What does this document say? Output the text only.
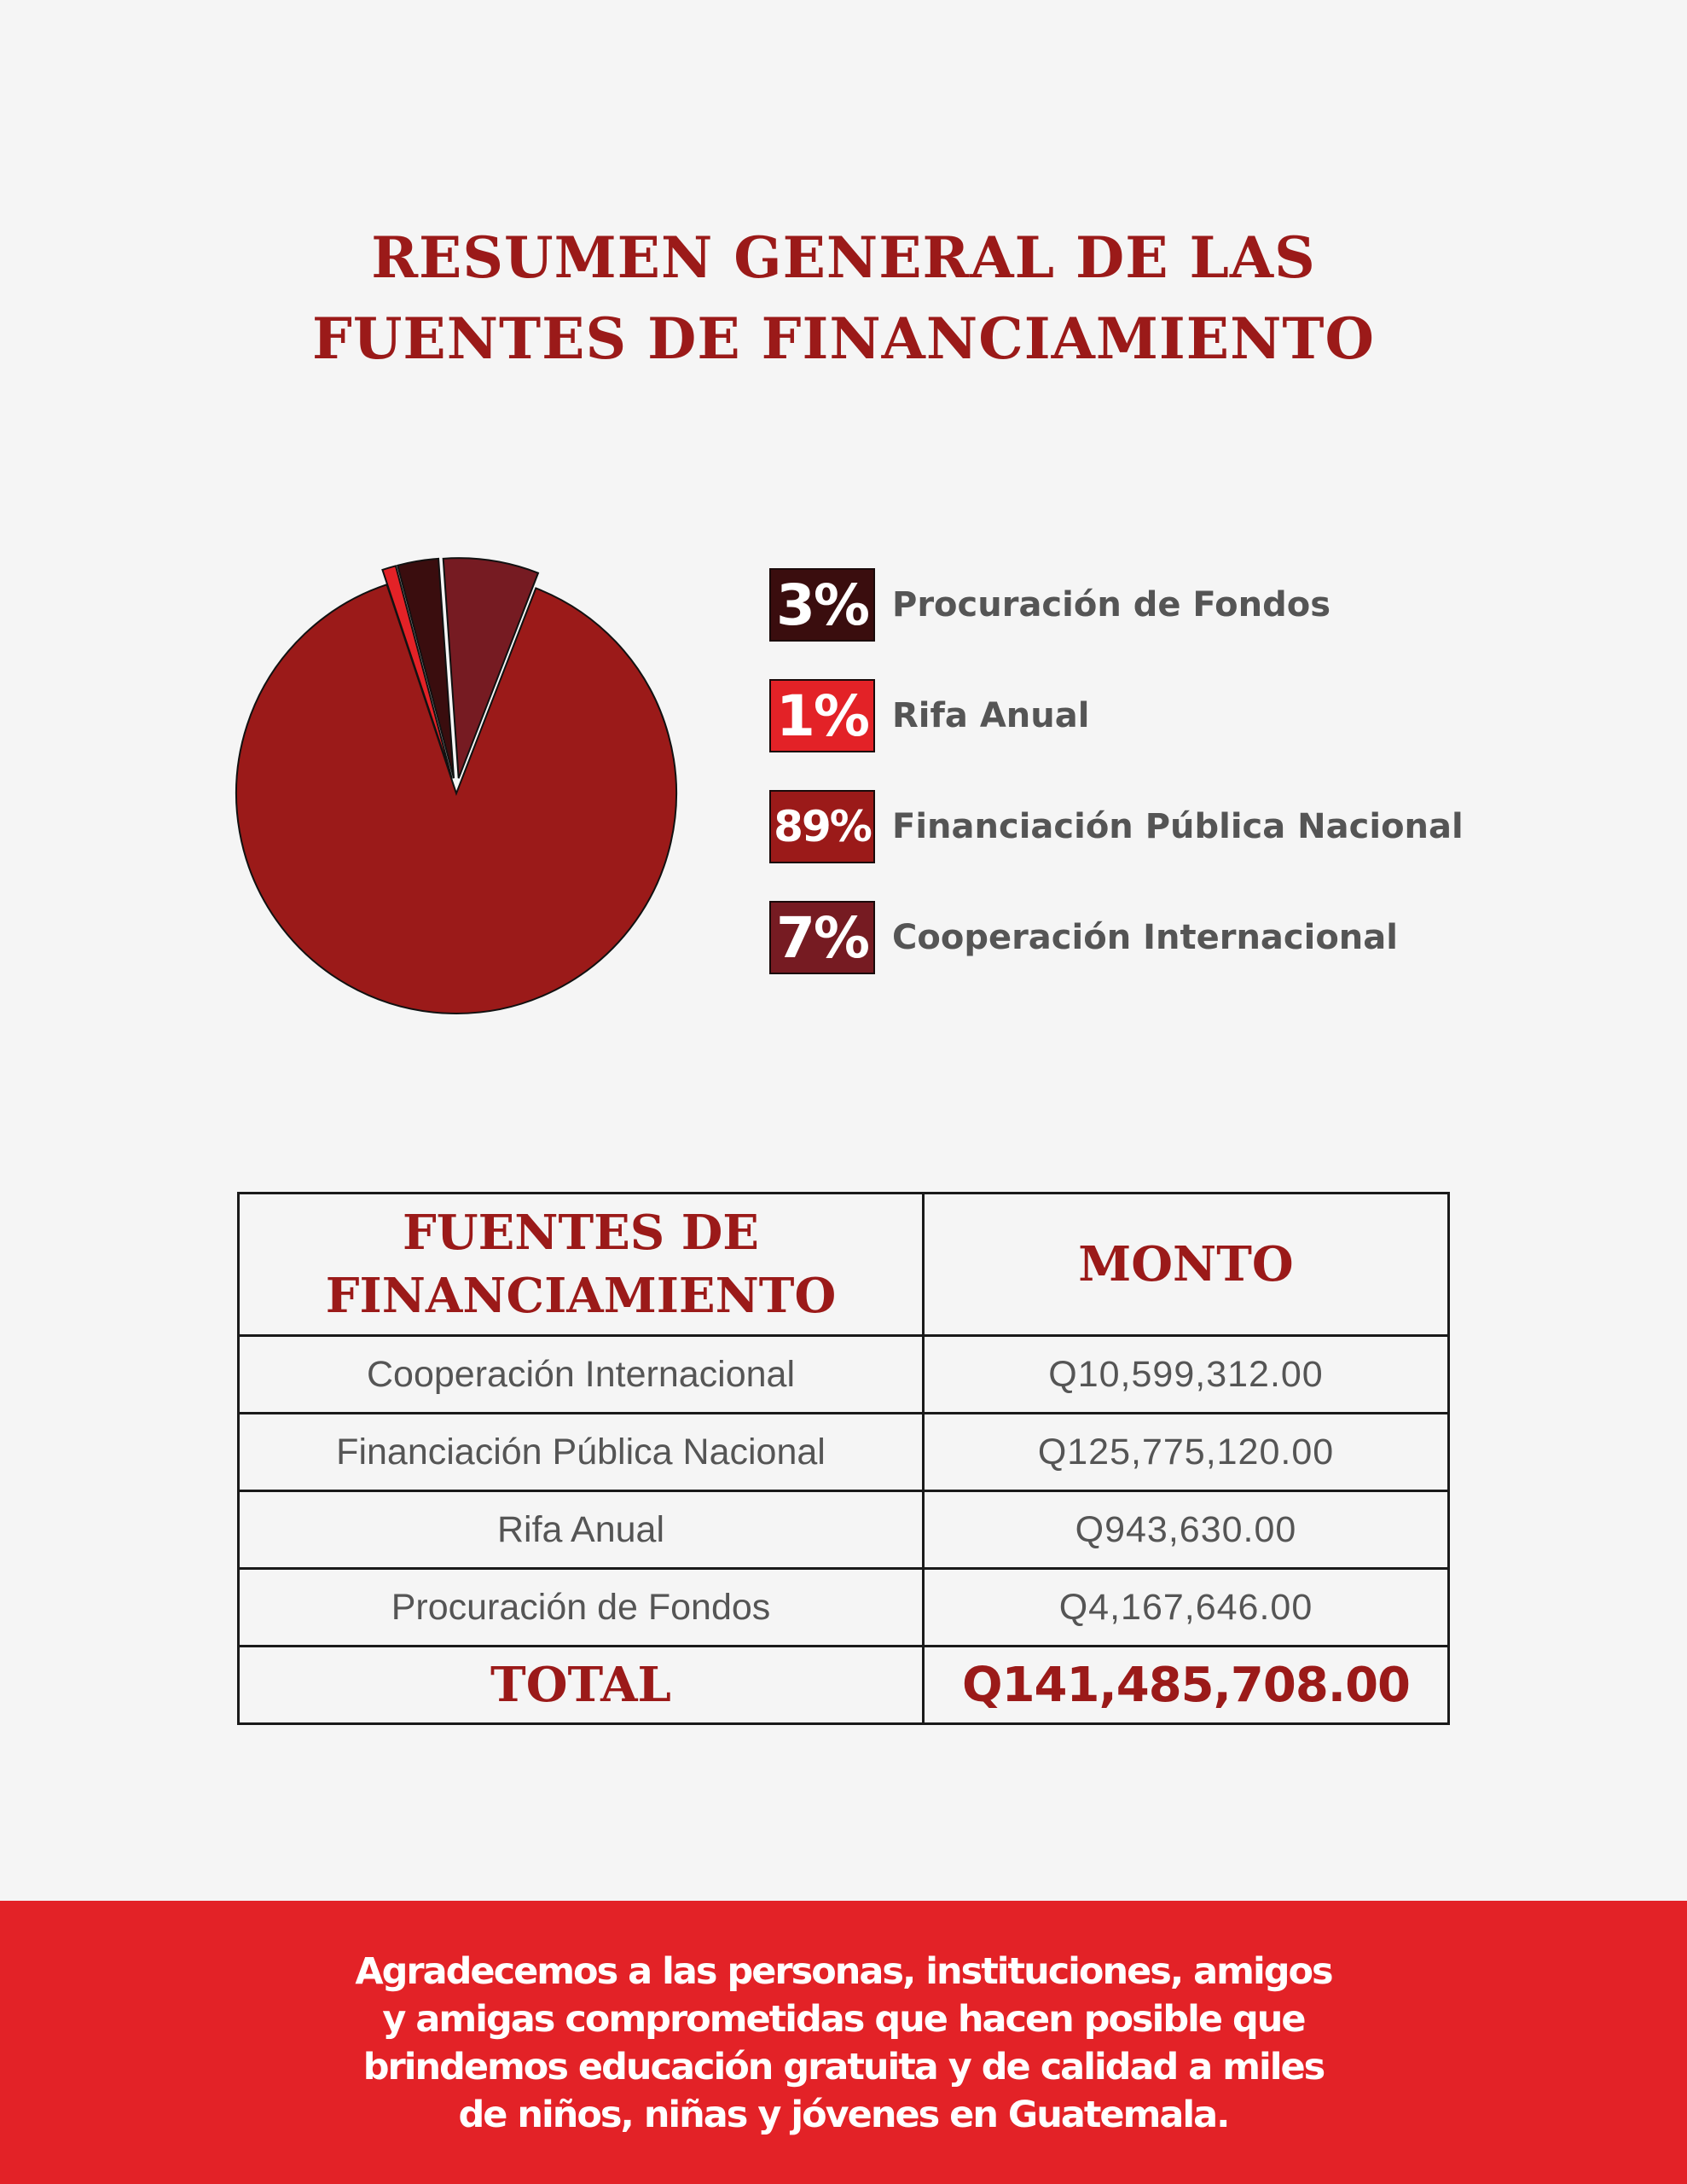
RESUMEN GENERAL DE LAS
FUENTES DE FINANCIAMIENTO
3% Procuración de Fondos
1% Rifa Anual
89% Financiación Pública Nacional
7% Cooperación Internacional
FUENTES DE
FINANCIAMIENTO	MONTO
Cooperación Internacional	Q10,599,312.00
Financiación Pública Nacional	Q125,775,120.00
Rifa Anual	Q943,630.00
Procuración de Fondos	Q4,167,646.00
TOTAL	Q141,485,708.00
Agradecemos a las personas, instituciones, amigos
y amigas comprometidas que hacen posible que
brindemos educación gratuita y de calidad a miles
de niños, niñas y jóvenes en Guatemala.
